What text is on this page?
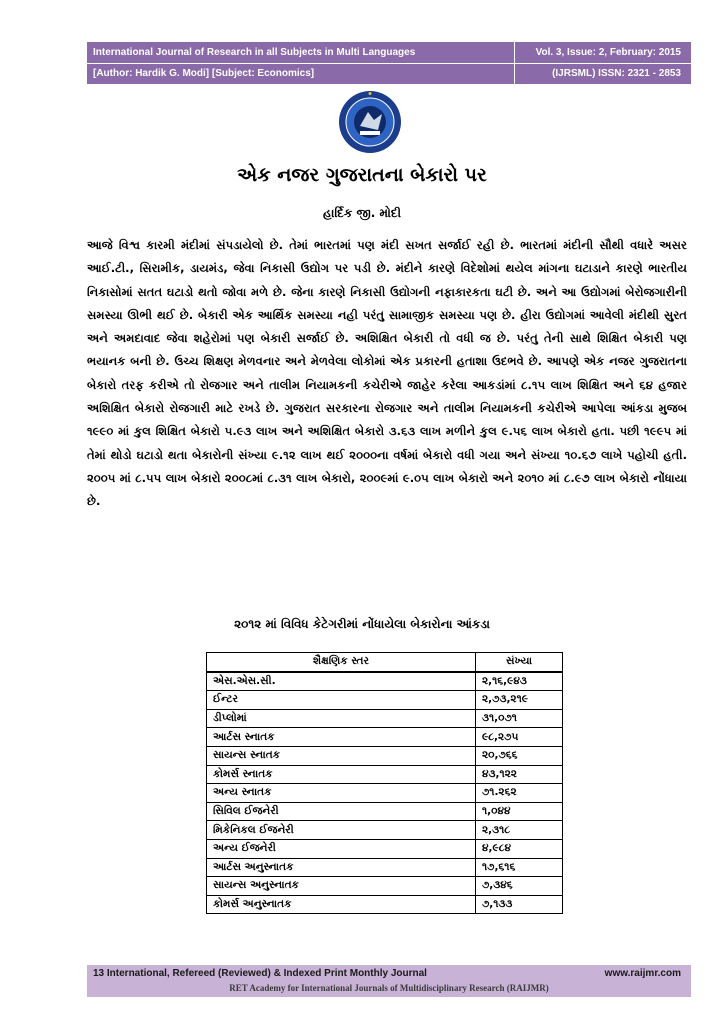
International Journal of Research in all Subjects in Multi Languages	Vol. 3, Issue: 2, February: 2015
[Author: Hardik G. Modi] [Subject: Economics]	(IJRSML) ISSN: 2321 - 2853
એક નજર ગુજરાતના બેકારો પર

હાર્દિક જી. મોદી

આજે વિશ્વ કારમી મંદીમાં સંપડાયેલો છે. તેમાં ભારતમાં પણ મંદી સખત સર્જાઈ રહી છે. ભારતમાં મંદીની સૌથી વધારે અસર આઈ.ટી., સિરામીક, ડાયમંડ, જેવા નિકાસી ઉદ્યોગ પર પડી છે. મંદીને કારણે વિદેશોમાં થયેલ માંગના ઘટાડાને કારણે ભારતીય નિકાસોમાં સતત ઘટાડો થતો જોવા મળે છે. જેના કારણે નિકાસી ઉદ્યોગની નફાકારકતા ઘટી છે. અને આ ઉદ્યોગમાં બેરોજગારીની સમસ્યા ઊભી થઈ છે. બેકારી એક આર્થિક સમસ્યા નહી પરંતુ સામાજીક સમસ્યા પણ છે. હીરા ઉદ્યોગમાં આવેલી મંદીથી સુરત અને અમદાવાદ જેવા શહેરોમાં પણ બેકારી સર્જાઈ છે. અશિક્ષિત બેકારી તો વધી જ છે. પરંતુ તેની સાથે શિક્ષિત બેકારી પણ ભયાનક બની છે. ઉચ્ચ શિક્ષણ મેળવનાર અને મેળવેલા લોકોમાં એક પ્રકારની હતાશા ઉદભવે છે. આપણે એક નજર ગુજરાતના બેકારો તરફ કરીએ તો રોજગાર અને તાલીમ નિયામકની કચેરીએ જાહેર કરેલા આકડાંમાં ૮.૧૫ લાખ શિક્ષિત અને ૬૪ હજાર અશિક્ષિત બેકારો રોજગારી માટે રખડે છે. ગુજરાત સરકારના રોજગાર અને તાલીમ નિયામકની કચેરીએ આપેલા આંકડા મુજબ ૧૯૯૦ માં કુલ શિક્ષિત બેકારો ૫.૯૩ લાખ અને અશિક્ષિત બેકારો ૩.૬૩ લાખ મળીને કુલ ૯.૫૬ લાખ બેકારો હતા. પછી ૧૯૯૫ માં તેમાં થોડો ઘટાડો થતા બેકારોની સંખ્યા ૯.૧૨ લાખ થઈ ૨૦૦૦ના વર્ષમાં બેકારો વધી ગયા અને સંખ્યા ૧૦.૬૭ લાખે પહોચી હતી. ૨૦૦૫ માં ૮.૫૫ લાખ બેકારો ૨૦૦૮માં ૮.૩૧ લાખ બેકારો, ૨૦૦૯માં ૯.૦૫ લાખ બેકારો અને ૨૦૧૦ માં ૮.૯૭ લાખ બેકારો નોંધાયા છે.

૨૦૧૨ માં વિવિધ કેટેગરીમાં નોંધાયેલા બેકારોના આંકડા

શૈક્ષણિક સ્તર	સંખ્યા
એસ.એસ.સી.	૨,૧૬,૯૪૩
ઈન્ટર	૨,૭૩,૨૧૯
ડીપ્લોમાં	૩૧,૦૭૧
આર્ટસ સ્નાતક	૯૮,૨૭૫
સાયન્સ સ્નાતક	૨૦,૭૬૬
કોમર્સ સ્નાતક	૪૩,૧૨૨
અન્ય સ્નાતક	૭૧.૨૬૨
સિવિલ ઈજનેરી	૧,૦૪૪
મિકેનિકલ ઈજનેરી	૨,૩૧૮
અન્ય ઈજનેરી	૪,૯૮૪
આર્ટસ અનુસ્નાતક	૧૭,૬૧૬
સાયન્સ અનુસ્નાતક	૭,૩૪૬
કોમર્સ અનુસ્નાતક	૭,૧૩૩
13 International, Refereed (Reviewed) & Indexed Print Monthly Journal	www.raijmr.com
RET Academy for International Journals of Multidisciplinary Research (RAIJMR)
